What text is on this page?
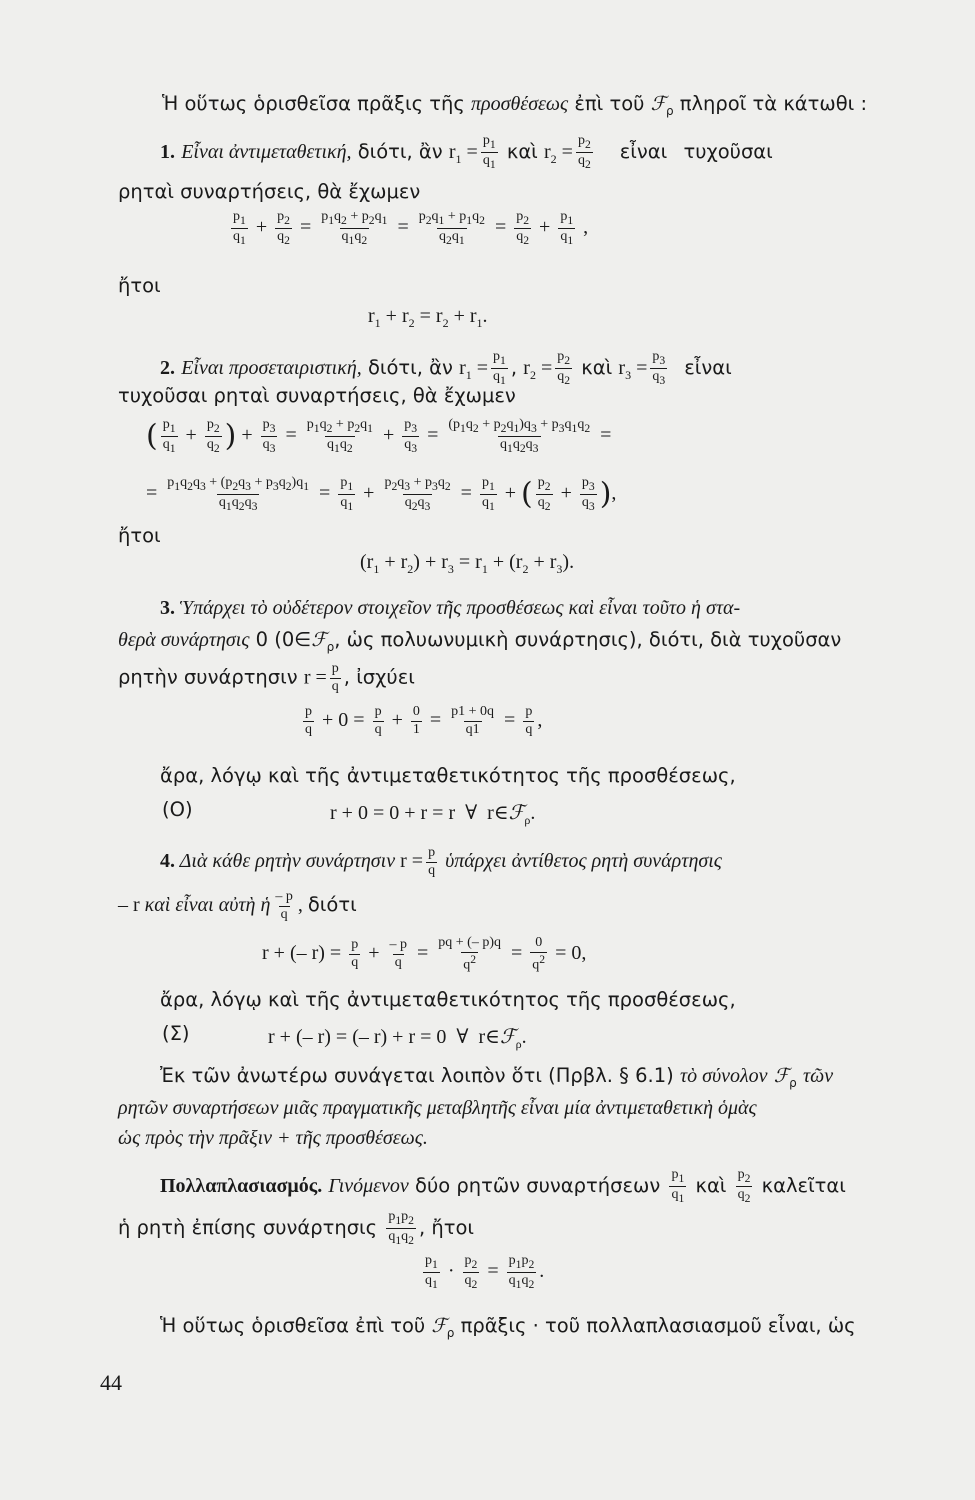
Ἡ οὕτως ὁρισθεῖσα πρᾶξις τῆς προσθέσεως ἐπὶ τοῦ ℱ$_\rho$ πληροῖ τὰ κάτωθι :
1. Εἶναι ἀντιμεταθετική, διότι, ἂν $r_1 = \frac{p_1}{q_1}$ καὶ $r_2 = \frac{p_2}{q_2}$ εἶναι τυχοῦσαι
ρηταὶ συναρτήσεις, θὰ ἔχωμεν
$\frac{p_1}{q_1} + \frac{p_2}{q_2} = \frac{p_1q_2 + p_2q_1}{q_1q_2} = \frac{p_2q_1 + p_1q_2}{q_2q_1} = \frac{p_2}{q_2} + \frac{p_1}{q_1}$ ,
ἤτοι
$r_1 + r_2 = r_2 + r_1$.
2. Εἶναι προσεταιριστική, διότι, ἂν $r_1 = \frac{p_1}{q_1}$ , $r_2 = \frac{p_2}{q_2}$ καὶ $r_3 = \frac{p_3}{q_3}$ εἶναι
τυχοῦσαι ρηταὶ συναρτήσεις, θὰ ἔχωμεν
( $\frac{p_1}{q_1} + \frac{p_2}{q_2}$ ) + $\frac{p_3}{q_3} = \frac{p_1q_2 + p_2q_1}{q_1q_2} + \frac{p_3}{q_3} = \frac{(p_1q_2 + p_2q_1)q_3 + p_3q_1q_2}{q_1q_2q_3}$ =
= $\frac{p_1q_2q_3 + (p_2q_3 + p_3q_2)q_1}{q_1q_2q_3} = \frac{p_1}{q_1} + \frac{p_2q_3 + p_3q_2}{q_2q_3} = \frac{p_1}{q_1}$ + ( $\frac{p_2}{q_2} + \frac{p_3}{q_3}$ ),
ἤτοι
$(r_1 + r_2) + r_3 = r_1 + (r_2 + r_3)$.
3. Ὑπάρχει τὸ οὐδέτερον στοιχεῖον τῆς προσθέσεως καὶ εἶναι τοῦτο ἡ στα-
θερὰ συνάρτησις 0 (0∈ℱ$_\rho$, ὡς πολυωνυμικὴ συνάρτησις), διότι, διὰ τυχοῦσαν
ρητὴν συνάρτησιν $r = \frac{p}{q}$ , ἰσχύει
$\frac{p}{q} + 0 = \frac{p}{q} + \frac{0}{1} = \frac{p1 + 0q}{q1} = \frac{p}{q}$ ,
ἄρα, λόγῳ καὶ τῆς ἀντιμεταθετικότητος τῆς προσθέσεως,
(O)	r + 0 = 0 + r = r  ∀  r∈ℱ$_\rho$.
4. Διὰ κάθε ρητὴν συνάρτησιν $r = \frac{p}{q}$ ὑπάρχει ἀντίθετος ρητὴ συνάρτησις
– r καὶ εἶναι αὐτὴ ἡ $\frac{- p}{q}$ , διότι
r + (– $r) = \frac{p}{q} + \frac{- p}{q} = \frac{pq + (- p)q}{q^2} = \frac{0}{q^2} = 0$,
ἄρα, λόγῳ καὶ τῆς ἀντιμεταθετικότητος τῆς προσθέσεως,
(Σ)	r + (– r) = (– r) + r = 0  ∀  r∈ℱ$_\rho$.
Ἐκ τῶν ἀνωτέρω συνάγεται λοιπὸν ὅτι (Πρβλ. § 6.1) τὸ σύνολον ℱ$_\rho$ τῶν
ρητῶν συναρτήσεων μιᾶς πραγματικῆς μεταβλητῆς εἶναι μία ἀντιμεταθετικὴ ὁμὰς
ὡς πρὸς τὴν πρᾶξιν + τῆς προσθέσεως.
Πολλαπλασιασμός. Γινόμενον δύο ρητῶν συναρτήσεων $\frac{p_1}{q_1}$ καὶ $\frac{p_2}{q_2}$ καλεῖται
ἡ ρητὴ ἐπίσης συνάρτησις $\frac{p_1p_2}{q_1q_2}$ , ἤτοι
$\frac{p_1}{q_1} \cdot \frac{p_2}{q_2} = \frac{p_1p_2}{q_1q_2}$ .
Ἡ οὕτως ὁρισθεῖσα ἐπὶ τοῦ ℱ$_\rho$ πρᾶξις · τοῦ πολλαπλασιασμοῦ εἶναι, ὡς
44
